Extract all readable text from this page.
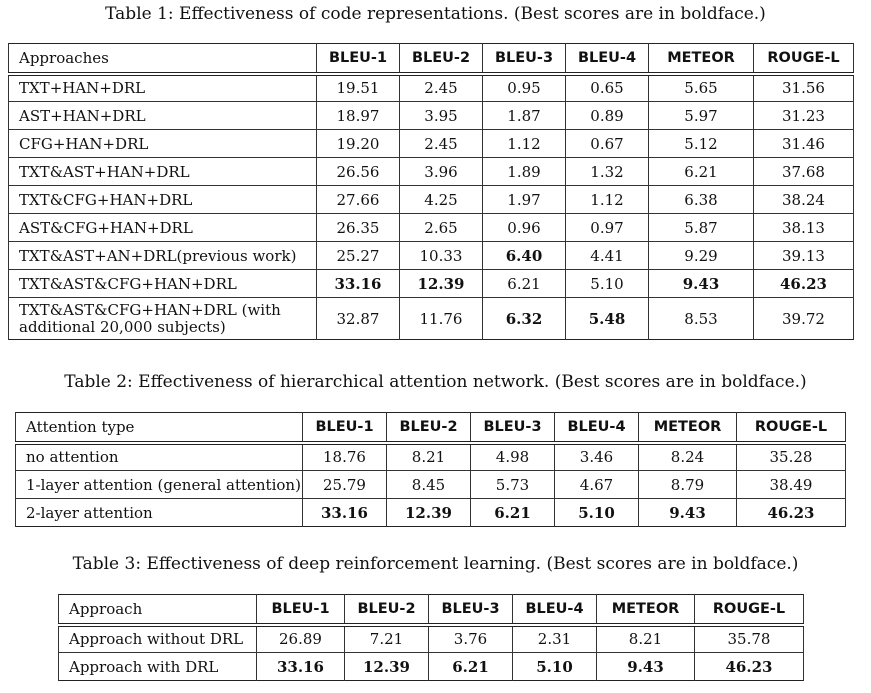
Table 1: Effectiveness of code representations. (Best scores are in boldface.)
Approaches	BLEU-1	BLEU-2	BLEU-3	BLEU-4	METEOR	ROUGE-L
TXT+HAN+DRL	19.51	2.45	0.95	0.65	5.65	31.56
AST+HAN+DRL	18.97	3.95	1.87	0.89	5.97	31.23
CFG+HAN+DRL	19.20	2.45	1.12	0.67	5.12	31.46
TXT&AST+HAN+DRL	26.56	3.96	1.89	1.32	6.21	37.68
TXT&CFG+HAN+DRL	27.66	4.25	1.97	1.12	6.38	38.24
AST&CFG+HAN+DRL	26.35	2.65	0.96	0.97	5.87	38.13
TXT&AST+AN+DRL(previous work)	25.27	10.33	6.40	4.41	9.29	39.13
TXT&AST&CFG+HAN+DRL	33.16	12.39	6.21	5.10	9.43	46.23
TXT&AST&CFG+HAN+DRL (with additional 20,000 subjects)	32.87	11.76	6.32	5.48	8.53	39.72
Table 2: Effectiveness of hierarchical attention network. (Best scores are in boldface.)
Attention type	BLEU-1	BLEU-2	BLEU-3	BLEU-4	METEOR	ROUGE-L
no attention	18.76	8.21	4.98	3.46	8.24	35.28
1-layer attention (general attention)	25.79	8.45	5.73	4.67	8.79	38.49
2-layer attention	33.16	12.39	6.21	5.10	9.43	46.23
Table 3: Effectiveness of deep reinforcement learning. (Best scores are in boldface.)
Approach	BLEU-1	BLEU-2	BLEU-3	BLEU-4	METEOR	ROUGE-L
Approach without DRL	26.89	7.21	3.76	2.31	8.21	35.78
Approach with DRL	33.16	12.39	6.21	5.10	9.43	46.23
